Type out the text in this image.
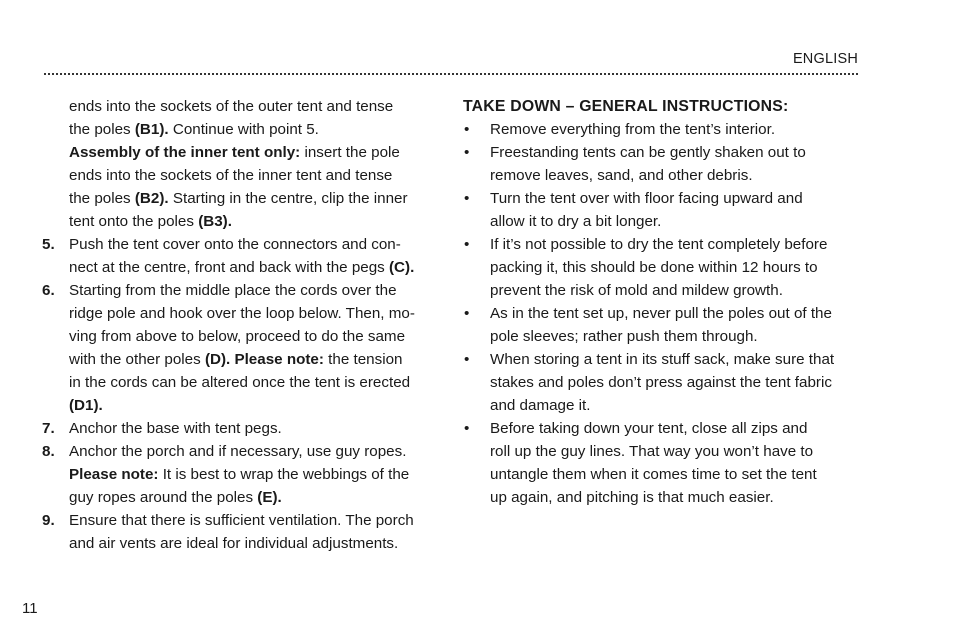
ENGLISH
ends into the sockets of the outer tent and tense
the poles (B1). Continue with point 5.
Assembly of the inner tent only: insert the pole
ends into the sockets of the inner tent and tense
the poles (B2). Starting in the centre, clip the inner
tent onto the poles (B3).
5. Push the tent cover onto the connectors and con-
nect at the centre, front and back with the pegs (C).
6. Starting from the middle place the cords over the
ridge pole and hook over the loop below. Then, mo-
ving from above to below, proceed to do the same
with the other poles (D). Please note: the tension
in the cords can be altered once the tent is erected
(D1).
7. Anchor the base with tent pegs.
8. Anchor the porch and if necessary, use guy ropes.
Please note: It is best to wrap the webbings of the
guy ropes around the poles (E).
9. Ensure that there is sufficient ventilation. The porch
and air vents are ideal for individual adjustments.
TAKE DOWN – GENERAL INSTRUCTIONS:
•	Remove everything from the tent’s interior.
•	Freestanding tents can be gently shaken out to
remove leaves, sand, and other debris.
•	Turn the tent over with floor facing upward and
allow it to dry a bit longer.
•	If it’s not possible to dry the tent completely before
packing it, this should be done within 12 hours to
prevent the risk of mold and mildew growth.
•	As in the tent set up, never pull the poles out of the
pole sleeves; rather push them through.
•	When storing a tent in its stuff sack, make sure that
stakes and poles don’t press against the tent fabric
and damage it.
•	Before taking down your tent, close all zips and
roll up the guy lines. That way you won’t have to
untangle them when it comes time to set the tent
up again, and pitching is that much easier.
11
